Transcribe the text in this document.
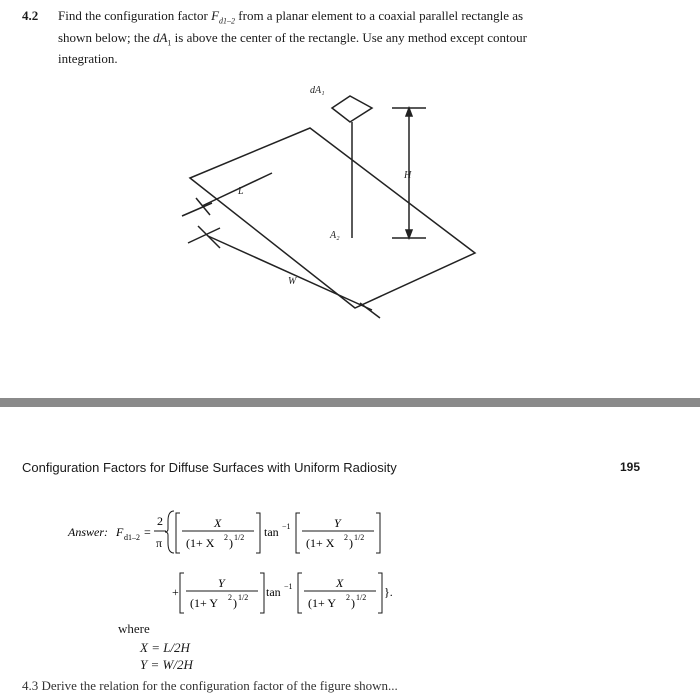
4.2 Find the configuration factor $F_{d1-2}$ from a planar element to a coaxial parallel rectangle as
shown below; the $dA_1$ is above the center of the rectangle. Use any method except contour
integration.
dA₁
H
L
A₂
W
Configuration Factors for Diffuse Surfaces with Uniform Radiosity	195
Answer: F d1–2 =
2
π
X
(1+ X 2 ) 1/2 tan −1	Y
(1+ X 2 ) 1/2
+
Y
(1+ Y 2 ) 1/2 tan −1	X
(1+ Y 2 ) 1/2 }.
where
X = L/2H
Y = W/2H
4.3 Derive the relation for the configuration factor of the figure shown...
